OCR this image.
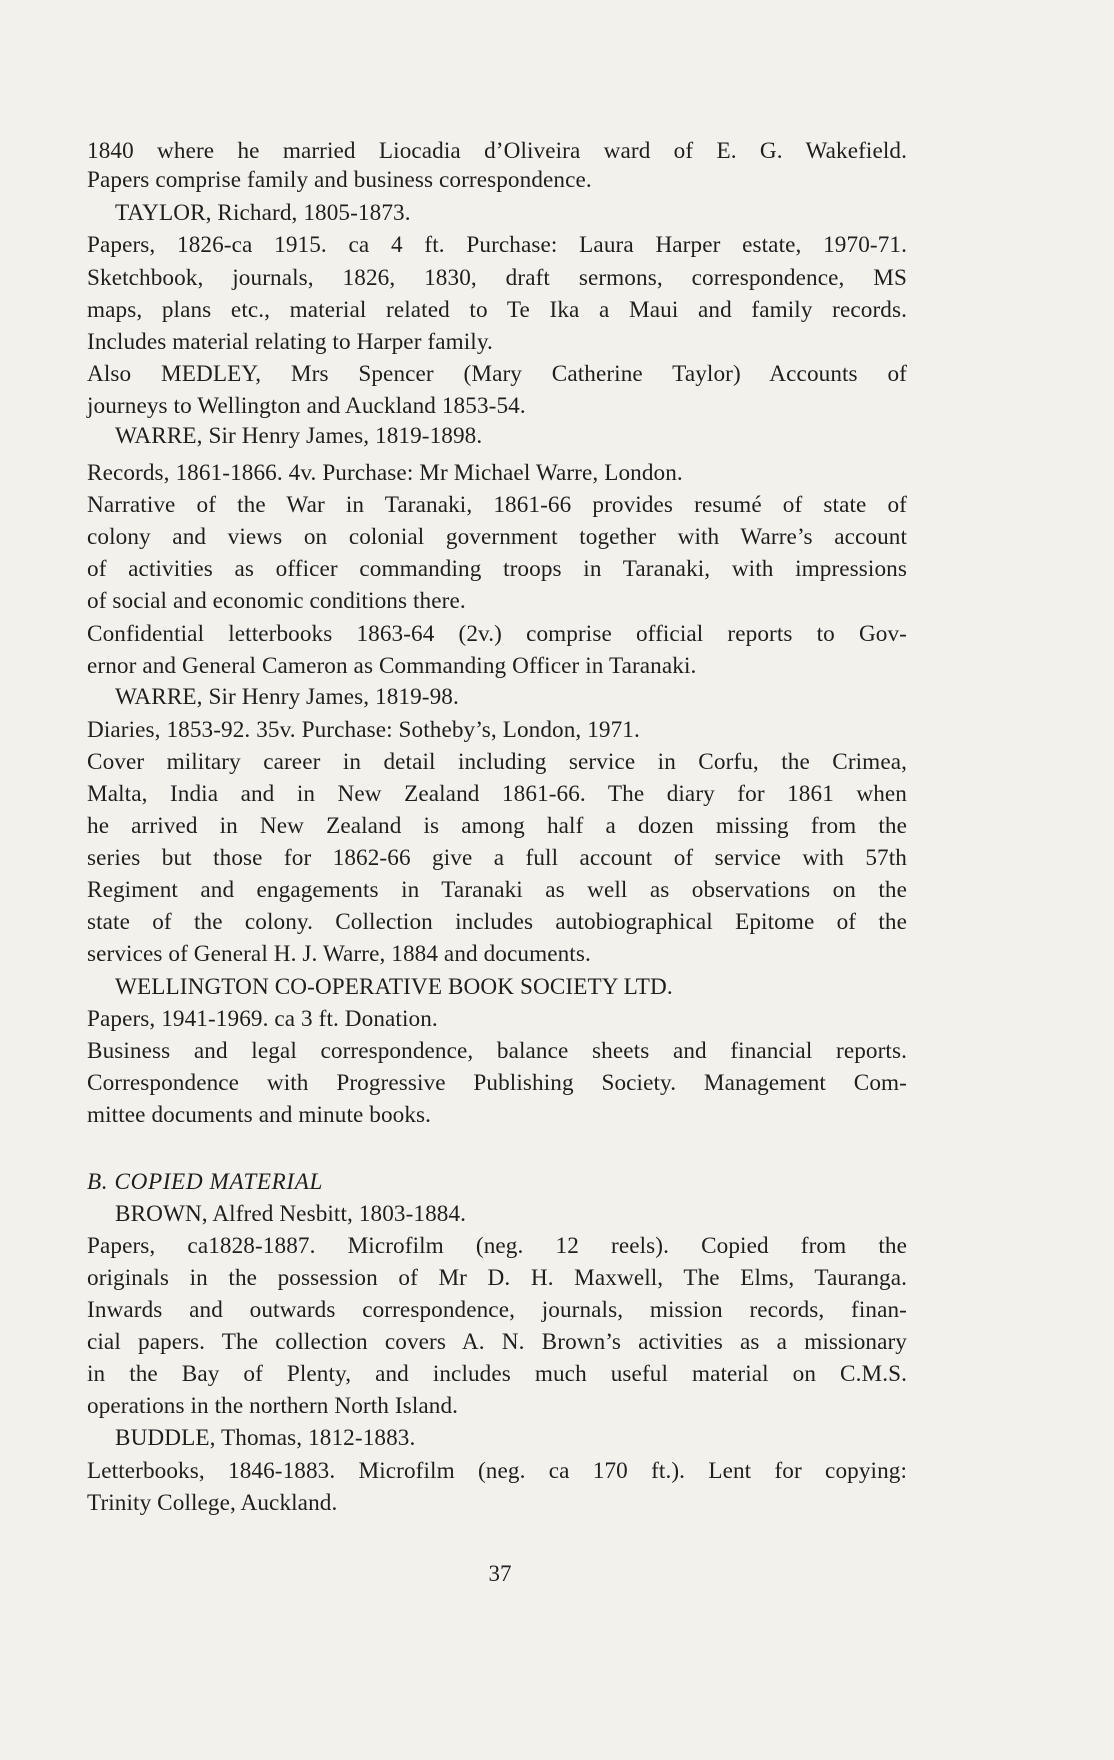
1840 where he married Liocadia d’Oliveira ward of E. G. Wakefield.
Papers comprise family and business correspondence.
TAYLOR, Richard, 1805-1873.
Papers, 1826-ca 1915. ca 4 ft. Purchase: Laura Harper estate, 1970-71.
Sketchbook, journals, 1826, 1830, draft sermons, correspondence, MS
maps, plans etc., material related to Te Ika a Maui and family records.
Includes material relating to Harper family.
Also MEDLEY, Mrs Spencer (Mary Catherine Taylor) Accounts of
journeys to Wellington and Auckland 1853-54.
WARRE, Sir Henry James, 1819-1898.
Records, 1861-1866. 4v. Purchase: Mr Michael Warre, London.
Narrative of the War in Taranaki, 1861-66 provides resumé of state of
colony and views on colonial government together with Warre’s account
of activities as officer commanding troops in Taranaki, with impressions
of social and economic conditions there.
Confidential letterbooks 1863-64 (2v.) comprise official reports to Gov-
ernor and General Cameron as Commanding Officer in Taranaki.
WARRE, Sir Henry James, 1819-98.
Diaries, 1853-92. 35v. Purchase: Sotheby’s, London, 1971.
Cover military career in detail including service in Corfu, the Crimea,
Malta, India and in New Zealand 1861-66. The diary for 1861 when
he arrived in New Zealand is among half a dozen missing from the
series but those for 1862-66 give a full account of service with 57th
Regiment and engagements in Taranaki as well as observations on the
state of the colony. Collection includes autobiographical Epitome of the
services of General H. J. Warre, 1884 and documents.
WELLINGTON CO-OPERATIVE BOOK SOCIETY LTD.
Papers, 1941-1969. ca 3 ft. Donation.
Business and legal correspondence, balance sheets and financial reports.
Correspondence with Progressive Publishing Society. Management Com-
mittee documents and minute books.
B. COPIED MATERIAL
BROWN, Alfred Nesbitt, 1803-1884.
Papers, ca1828-1887. Microfilm (neg. 12 reels). Copied from the
originals in the possession of Mr D. H. Maxwell, The Elms, Tauranga.
Inwards and outwards correspondence, journals, mission records, finan-
cial papers. The collection covers A. N. Brown’s activities as a missionary
in the Bay of Plenty, and includes much useful material on C.M.S.
operations in the northern North Island.
BUDDLE, Thomas, 1812-1883.
Letterbooks, 1846-1883. Microfilm (neg. ca 170 ft.). Lent for copying:
Trinity College, Auckland.
37
